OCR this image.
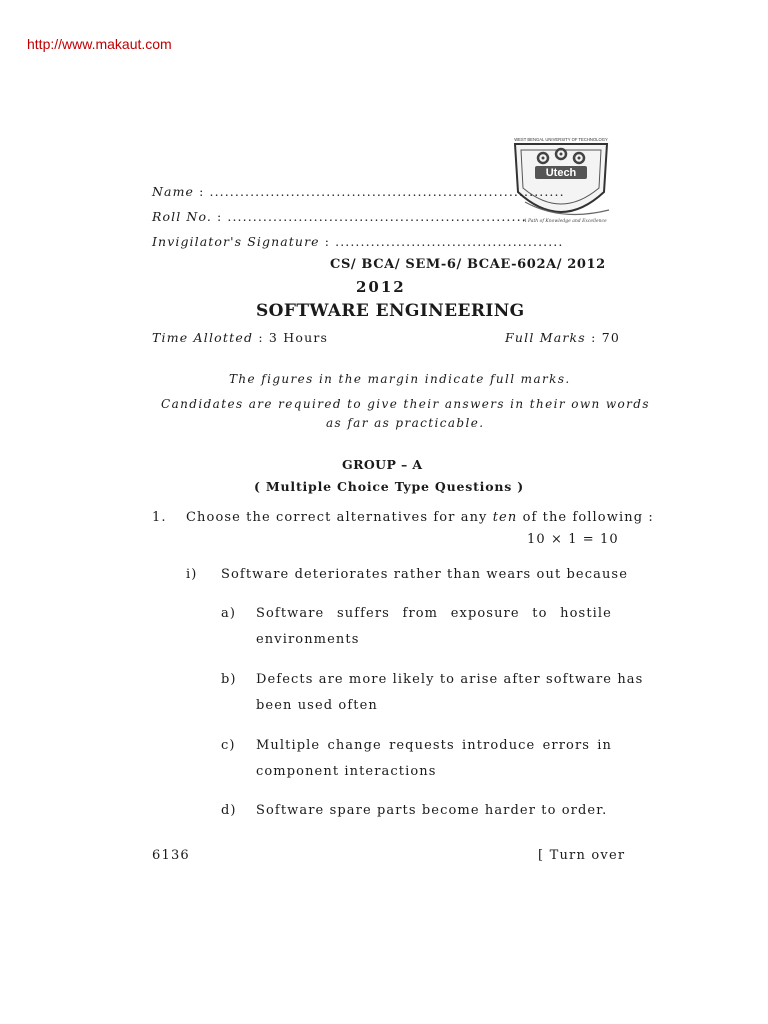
http://www.makaut.com
WEST BENGAL UNIVERSITY OF TECHNOLOGY
Utech
A Path of Knowledge and Excellence
Name : ......................................................................
Roll No. : ...........................................................
Invigilator's Signature : .............................................
CS/ BCA/ SEM-6/ BCAE-602A/ 2012
2012
SOFTWARE ENGINEERING
Time Allotted : 3 Hours	Full Marks : 70
The figures in the margin indicate full marks.
Candidates are required to give their answers in their own words
as far as practicable.
GROUP – A
( Multiple Choice Type Questions )
1. Choose the correct alternatives for any ten of the following :
10 × 1 = 10
i) Software deteriorates rather than wears out because
a) Software suffers from exposure to hostile
environments
b) Defects are more likely to arise after software has
been used often
c) Multiple change requests introduce errors in
component interactions
d) Software spare parts become harder to order.
6136	[ Turn over
